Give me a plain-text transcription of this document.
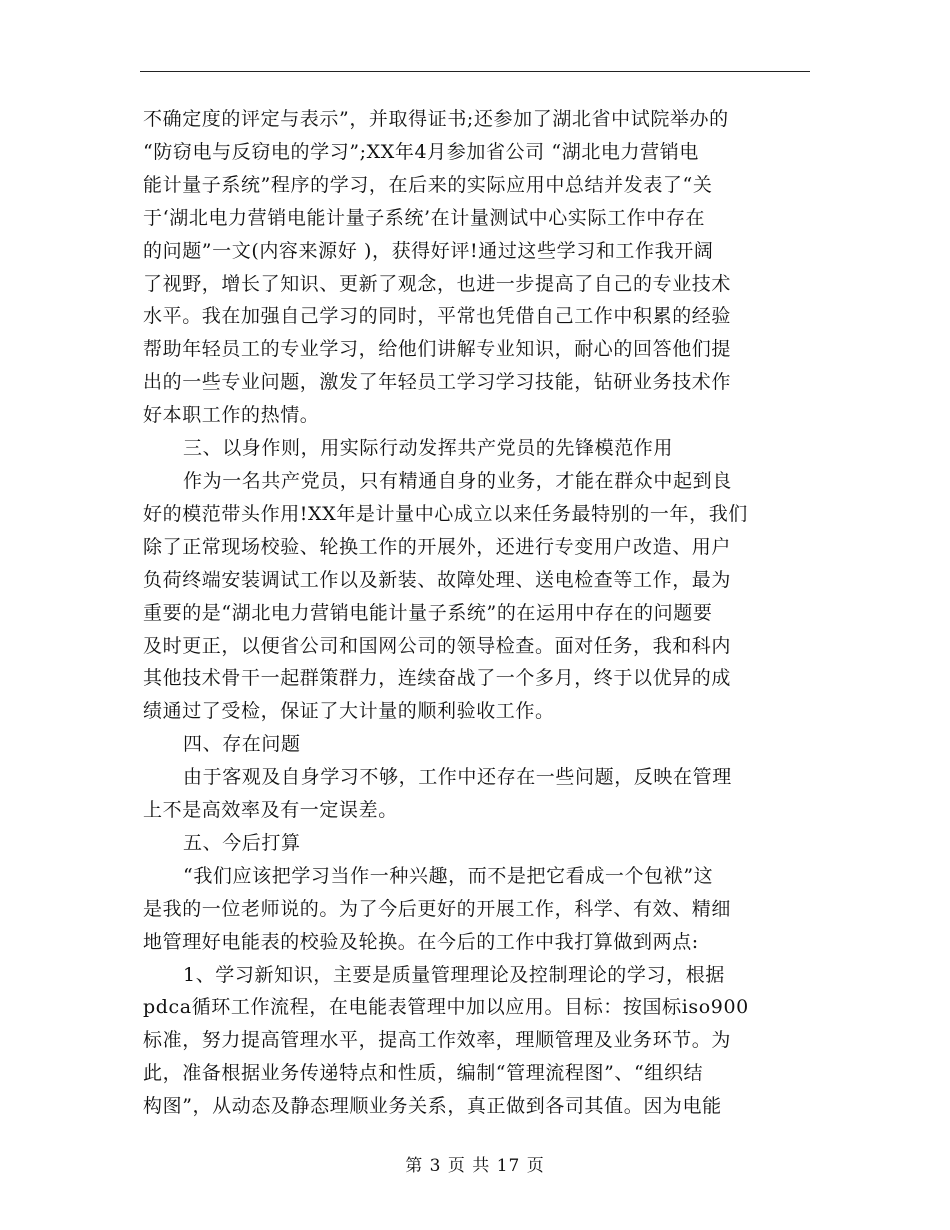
不确定度的评定与表示”，并取得证书;还参加了湖北省中试院举办的

“防窃电与反窃电的学习”;XX年4月参加省公司 “湖北电力营销电

能计量子系统”程序的学习，在后来的实际应用中总结并发表了“关

于‘湖北电力营销电能计量子系统’在计量测试中心实际工作中存在

的问题”一文(内容来源好 )，获得好评!通过这些学习和工作我开阔

了视野，增长了知识、更新了观念，也进一步提高了自己的专业技术

水平。我在加强自己学习的同时，平常也凭借自己工作中积累的经验

帮助年轻员工的专业学习，给他们讲解专业知识，耐心的回答他们提

出的一些专业问题，激发了年轻员工学习学习技能，钻研业务技术作

好本职工作的热情。

三、以身作则，用实际行动发挥共产党员的先锋模范作用

作为一名共产党员，只有精通自身的业务，才能在群众中起到良

好的模范带头作用!XX年是计量中心成立以来任务最特别的一年，我们

除了正常现场校验、轮换工作的开展外，还进行专变用户改造、用户

负荷终端安装调试工作以及新装、故障处理、送电检查等工作，最为

重要的是“湖北电力营销电能计量子系统”的在运用中存在的问题要

及时更正，以便省公司和国网公司的领导检查。面对任务，我和科内

其他技术骨干一起群策群力，连续奋战了一个多月，终于以优异的成

绩通过了受检，保证了大计量的顺利验收工作。

四、存在问题

由于客观及自身学习不够，工作中还存在一些问题，反映在管理

上不是高效率及有一定误差。

五、今后打算

“我们应该把学习当作一种兴趣，而不是把它看成一个包袱”这

是我的一位老师说的。为了今后更好的开展工作，科学、有效、精细

地管理好电能表的校验及轮换。在今后的工作中我打算做到两点:

1、学习新知识，主要是质量管理理论及控制理论的学习，根据

pdca循环工作流程，在电能表管理中加以应用。目标：按国标iso900

标准，努力提高管理水平，提高工作效率，理顺管理及业务环节。为

此，准备根据业务传递特点和性质，编制“管理流程图”、“组织结

构图”，从动态及静态理顺业务关系，真正做到各司其值。因为电能

第 3 页 共 17 页
